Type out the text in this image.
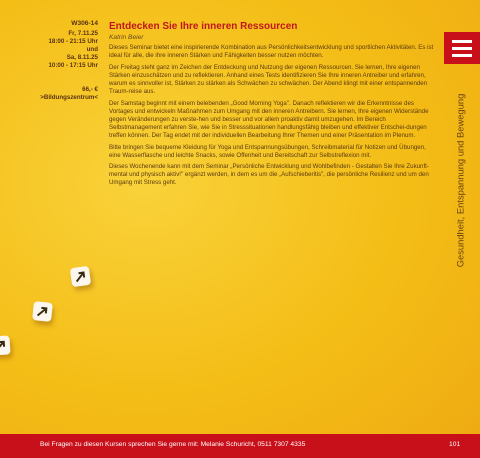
W306-14
Fr, 7.11.25
18:00 - 21:15 Uhr
und
Sa, 8.11.25
10:00 - 17:15 Uhr
66,- €
>Bildungszentrum<
Entdecken Sie Ihre inneren Ressourcen
Katrin Beier

Dieses Seminar bietet eine inspirierende Kombination aus Persönlichkeitsentwicklung und sportlichen Aktivitäten. Es ist ideal für alle, die ihre inneren Stärken und Fähigkeiten besser nutzen möchten.

Der Freitag steht ganz im Zeichen der Entdeckung und Nutzung der eigenen Ressourcen. Sie lernen, Ihre eigenen Stärken einzuschätzen und zu reflektieren. Anhand eines Tests identifizieren Sie Ihre inneren Antreiber und erfahren, warum es sinnvoller ist, Stärken zu stärken als Schwächen zu schwächen. Der Abend klingt mit einer entspannenden Traum-reise aus.

Der Samstag beginnt mit einem belebenden „Good Morning Yoga". Danach reflektieren wir die Erkenntnisse des Vortages und entwickeln Maßnahmen zum Umgang mit den inneren Antreibern. Sie lernen, Ihre eigenen Widerstände gegen Veränderungen zu verste-hen und besser und vor allem proaktiv damit umzugehen. Im Bereich Selbstmanagement erfahren Sie, wie Sie in Stresssituationen handlungsfähig bleiben und effektiver Entschei-dungen treffen können. Der Tag endet mit der individuellen Bearbeitung Ihrer Themen und einer Präsentation im Plenum.

Bitte bringen Sie bequeme Kleidung für Yoga und Entspannungsübungen, Schreibmaterial für Notizen und Übungen, eine Wasserflasche und leichte Snacks, sowie Offenheit und Bereitschaft zur Selbstreflexion mit.

Dieses Wochenende kann mit dem Seminar „Persönliche Entwicklung und Wohlbefinden - Gestalten Sie Ihre Zukunft- mental und physisch aktiv!" ergänzt werden, in dem es um die „Aufschieberitis", die persönliche Resilienz und um den Umgang mit Stress geht.	Gesundheit, Entspannung und Bewegung
Bei Fragen zu diesen Kursen sprechen Sie gerne mit: Melanie Schuricht, 0511 7307 4335	101
